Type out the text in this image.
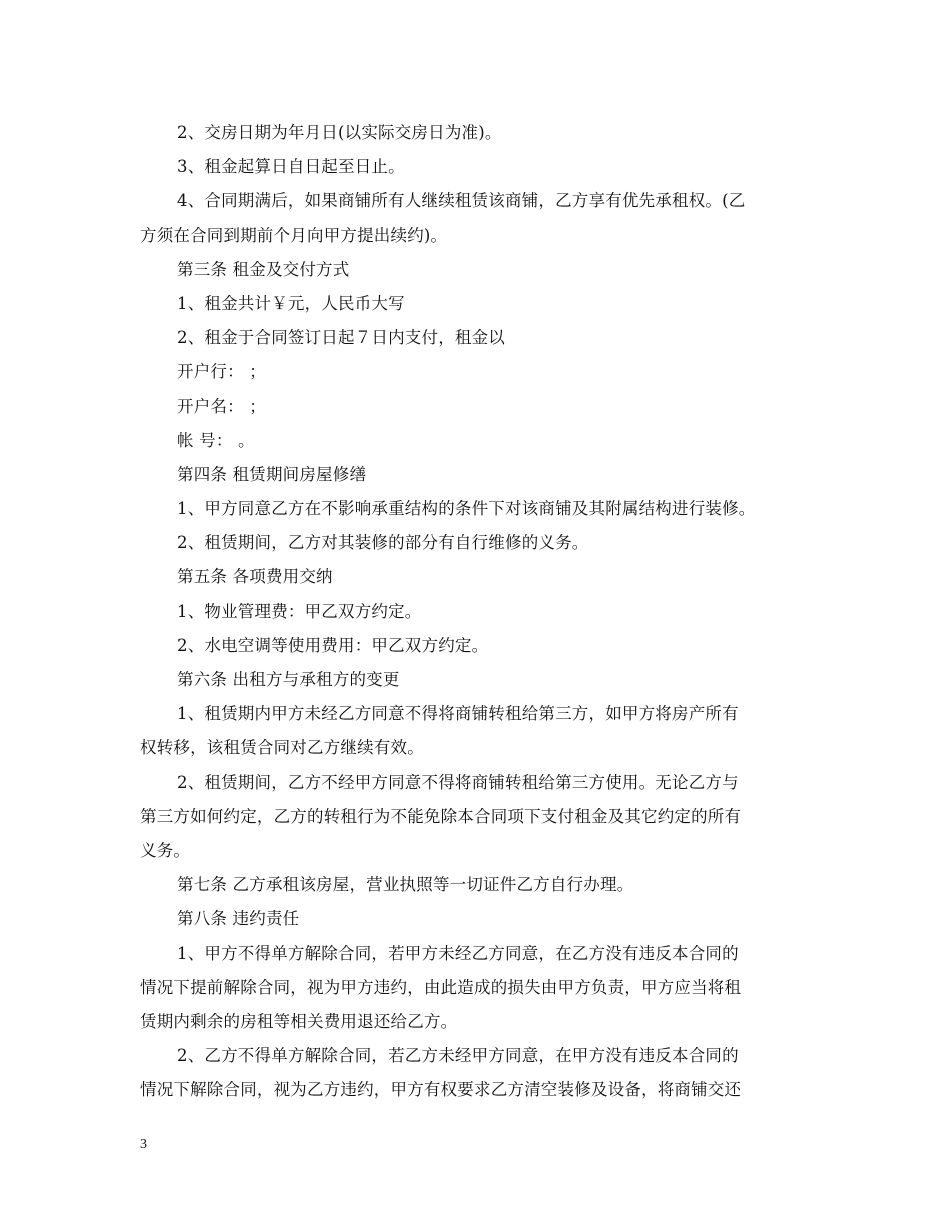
2、交房日期为年月日(以实际交房日为准)。
3、租金起算日自日起至日止。
4、合同期满后，如果商铺所有人继续租赁该商铺，乙方享有优先承租权。(乙
方须在合同到期前个月向甲方提出续约)。
第三条 租金及交付方式
1、租金共计￥元，人民币大写
2、租金于合同签订日起７日内支付，租金以
开户行： ；
开户名： ；
帐 号： 。
第四条 租赁期间房屋修缮
1、甲方同意乙方在不影响承重结构的条件下对该商铺及其附属结构进行装修。
2、租赁期间，乙方对其装修的部分有自行维修的义务。
第五条 各项费用交纳
1、物业管理费：甲乙双方约定。
2、水电空调等使用费用：甲乙双方约定。
第六条 出租方与承租方的变更
1、租赁期内甲方未经乙方同意不得将商铺转租给第三方，如甲方将房产所有
权转移，该租赁合同对乙方继续有效。
2、租赁期间，乙方不经甲方同意不得将商铺转租给第三方使用。无论乙方与
第三方如何约定，乙方的转租行为不能免除本合同项下支付租金及其它约定的所有
义务。
第七条 乙方承租该房屋，营业执照等一切证件乙方自行办理。
第八条 违约责任
1、甲方不得单方解除合同，若甲方未经乙方同意，在乙方没有违反本合同的
情况下提前解除合同，视为甲方违约，由此造成的损失由甲方负责，甲方应当将租
赁期内剩余的房租等相关费用退还给乙方。
2、乙方不得单方解除合同，若乙方未经甲方同意，在甲方没有违反本合同的
情况下解除合同，视为乙方违约，甲方有权要求乙方清空装修及设备，将商铺交还
3
